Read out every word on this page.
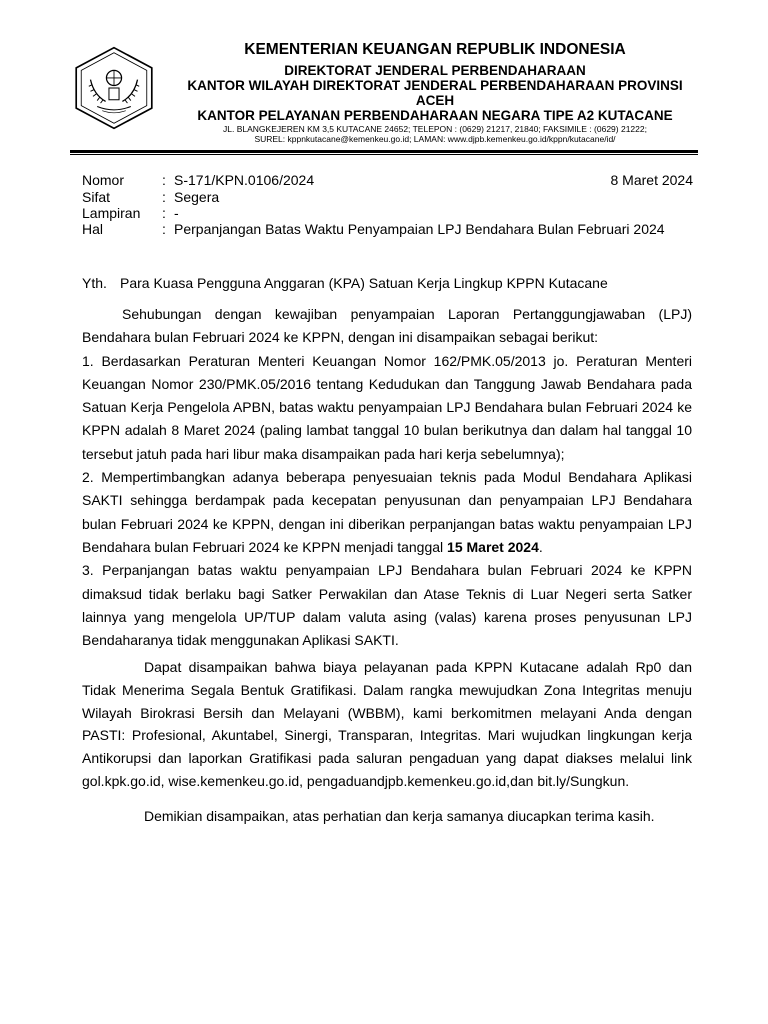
KEMENTERIAN KEUANGAN REPUBLIK INDONESIA

DIREKTORAT JENDERAL PERBENDAHARAAN

KANTOR WILAYAH DIREKTORAT JENDERAL PERBENDAHARAAN PROVINSI

ACEH

KANTOR PELAYANAN PERBENDAHARAAN NEGARA TIPE A2 KUTACANE

JL. BLANGKEJEREN KM 3,5 KUTACANE 24652; TELEPON : (0629) 21217, 21840; FAKSIMILE : (0629) 21222;

SUREL: kppnkutacane@kemenkeu.go.id; LAMAN: www.djpb.kemenkeu.go.id/kppn/kutacane/id/

Nomor	: S-171/KPN.0106/2024	8 Maret 2024
Sifat	: Segera
Lampiran	: -
Hal	: Perpanjangan Batas Waktu Penyampaian LPJ Bendahara Bulan Februari 2024
Yth. Para Kuasa Pengguna Anggaran (KPA) Satuan Kerja Lingkup KPPN Kutacane

Sehubungan dengan kewajiban penyampaian Laporan Pertanggungjawaban (LPJ) Bendahara bulan Februari 2024 ke KPPN, dengan ini disampaikan sebagai berikut:

1. Berdasarkan Peraturan Menteri Keuangan Nomor 162/PMK.05/2013 jo. Peraturan Menteri Keuangan Nomor 230/PMK.05/2016 tentang Kedudukan dan Tanggung Jawab Bendahara pada Satuan Kerja Pengelola APBN, batas waktu penyampaian LPJ Bendahara bulan Februari 2024 ke KPPN adalah 8 Maret 2024 (paling lambat tanggal 10 bulan berikutnya dan dalam hal tanggal 10 tersebut jatuh pada hari libur maka disampaikan pada hari kerja sebelumnya);

2. Mempertimbangkan adanya beberapa penyesuaian teknis pada Modul Bendahara Aplikasi SAKTI sehingga berdampak pada kecepatan penyusunan dan penyampaian LPJ Bendahara bulan Februari 2024 ke KPPN, dengan ini diberikan perpanjangan batas waktu penyampaian LPJ Bendahara bulan Februari 2024 ke KPPN menjadi tanggal 15 Maret 2024.

3. Perpanjangan batas waktu penyampaian LPJ Bendahara bulan Februari 2024 ke KPPN dimaksud tidak berlaku bagi Satker Perwakilan dan Atase Teknis di Luar Negeri serta Satker lainnya yang mengelola UP/TUP dalam valuta asing (valas) karena proses penyusunan LPJ Bendaharanya tidak menggunakan Aplikasi SAKTI.

Dapat disampaikan bahwa biaya pelayanan pada KPPN Kutacane adalah Rp0 dan Tidak Menerima Segala Bentuk Gratifikasi. Dalam rangka mewujudkan Zona Integritas menuju Wilayah Birokrasi Bersih dan Melayani (WBBM), kami berkomitmen melayani Anda dengan PASTI: Profesional, Akuntabel, Sinergi, Transparan, Integritas. Mari wujudkan lingkungan kerja Antikorupsi dan laporkan Gratifikasi pada saluran pengaduan yang dapat diakses melalui link gol.kpk.go.id, wise.kemenkeu.go.id, pengaduandjpb.kemenkeu.go.id,dan bit.ly/Sungkun.

Demikian disampaikan, atas perhatian dan kerja samanya diucapkan terima kasih.
